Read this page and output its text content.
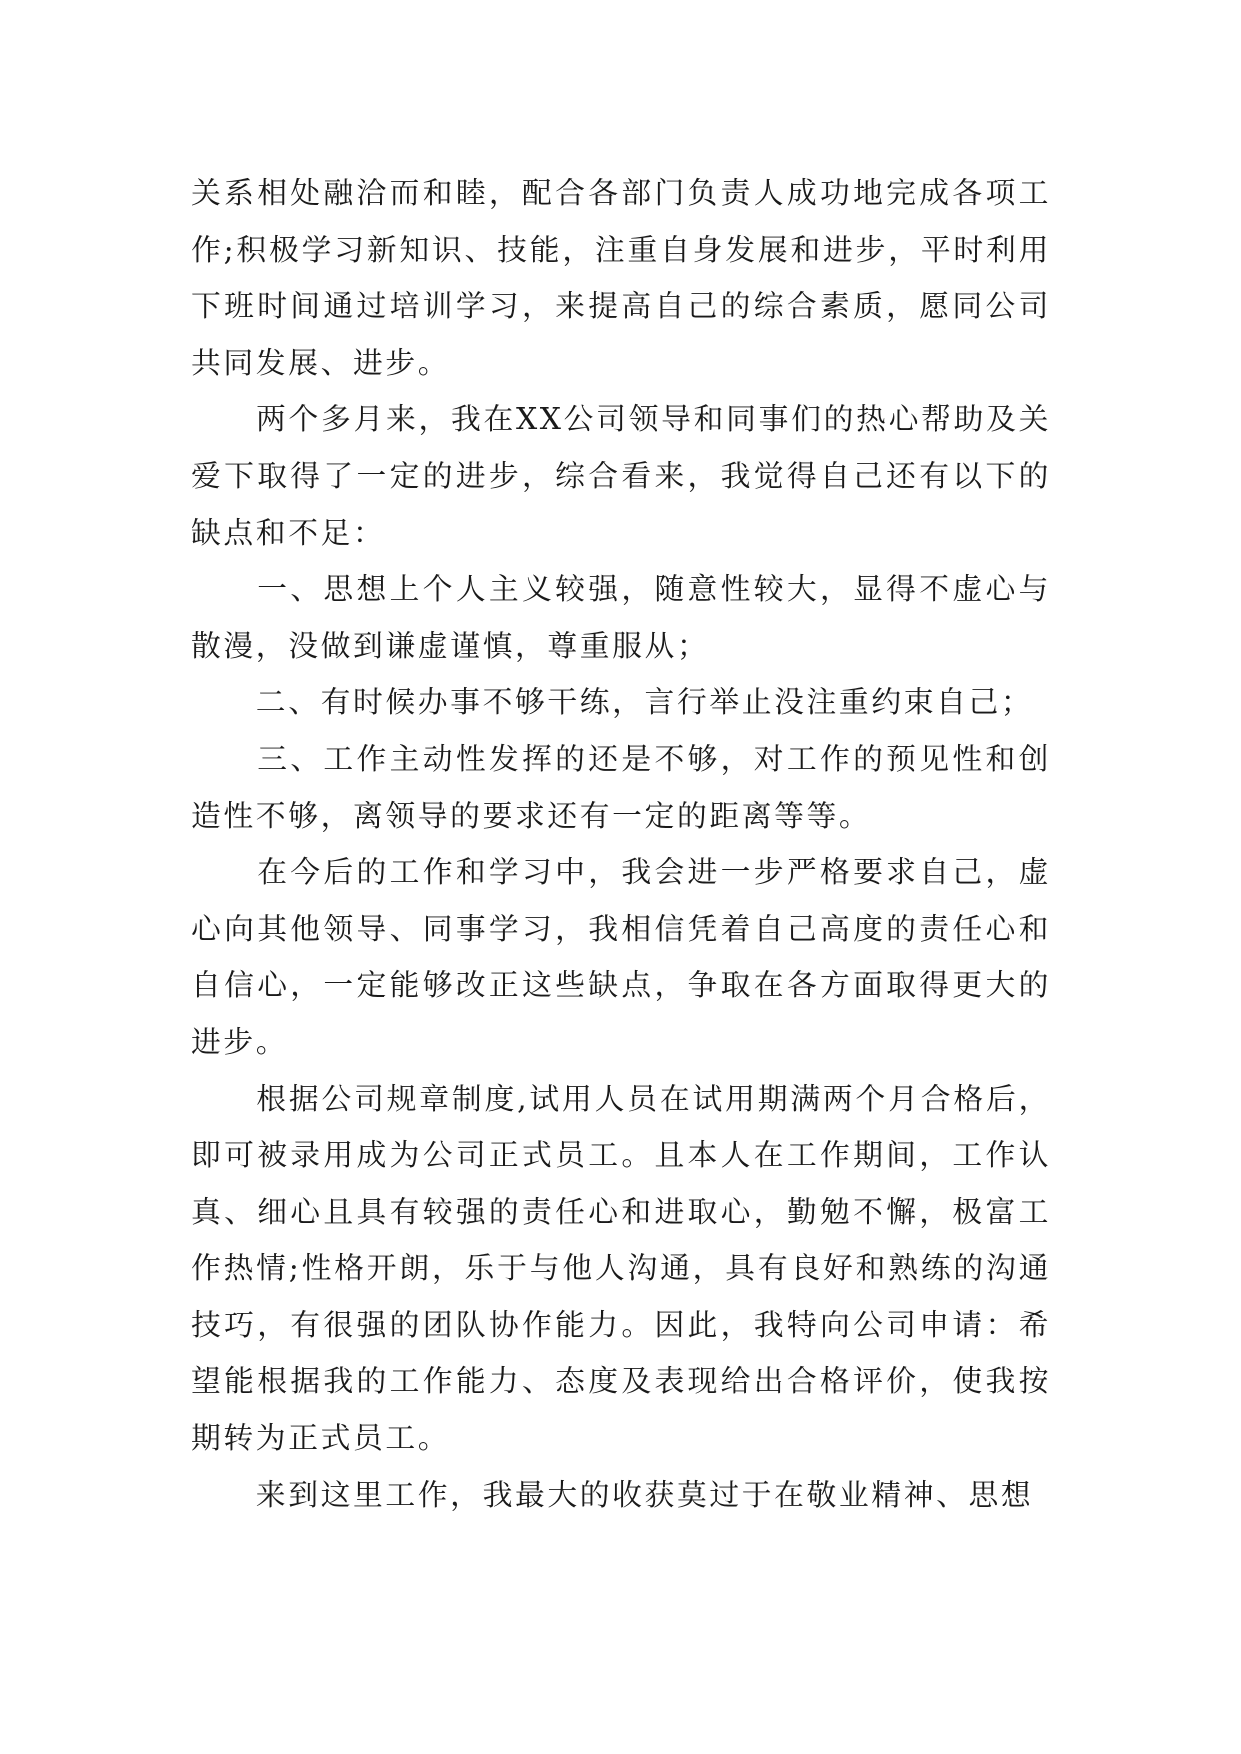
关系相处融洽而和睦，配合各部门负责人成功地完成各项工作;积极学习新知识、技能，注重自身发展和进步，平时利用下班时间通过培训学习，来提高自己的综合素质，愿同公司共同发展、进步。

　　两个多月来，我在XX公司领导和同事们的热心帮助及关爱下取得了一定的进步，综合看来，我觉得自己还有以下的缺点和不足：

　　一、思想上个人主义较强，随意性较大，显得不虚心与散漫，没做到谦虚谨慎，尊重服从；

　　二、有时候办事不够干练，言行举止没注重约束自己；

　　三、工作主动性发挥的还是不够，对工作的预见性和创造性不够，离领导的要求还有一定的距离等等。

　　在今后的工作和学习中，我会进一步严格要求自己，虚心向其他领导、同事学习，我相信凭着自己高度的责任心和自信心，一定能够改正这些缺点，争取在各方面取得更大的进步。

　　根据公司规章制度,试用人员在试用期满两个月合格后，即可被录用成为公司正式员工。且本人在工作期间，工作认真、细心且具有较强的责任心和进取心，勤勉不懈，极富工作热情;性格开朗，乐于与他人沟通，具有良好和熟练的沟通技巧，有很强的团队协作能力。因此，我特向公司申请：希望能根据我的工作能力、态度及表现给出合格评价，使我按期转为正式员工。

　　来到这里工作，我最大的收获莫过于在敬业精神、思想
